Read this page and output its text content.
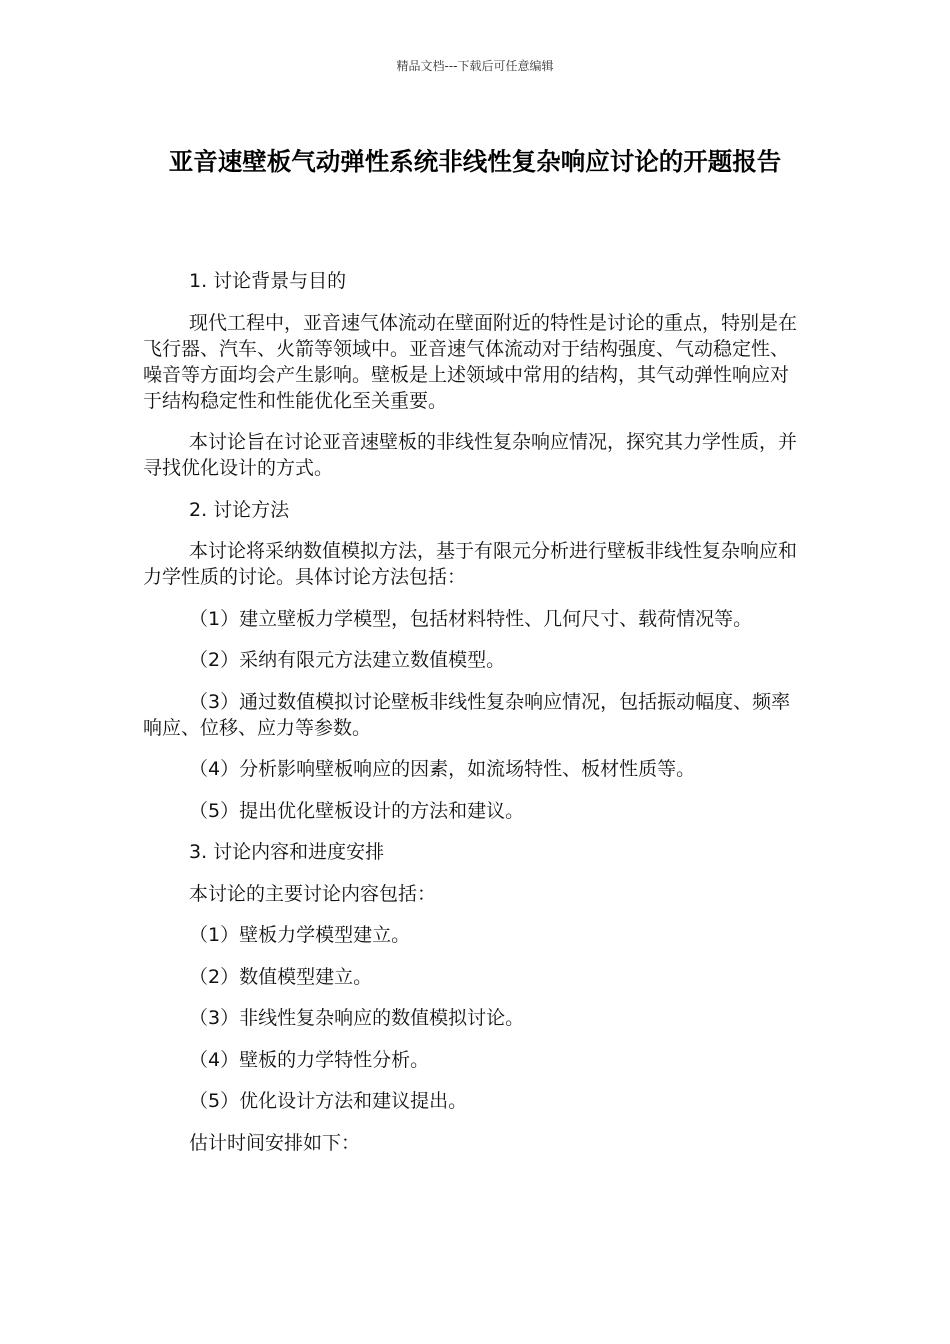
精品文档---下载后可任意编辑
亚音速壁板气动弹性系统非线性复杂响应讨论的开题报告

1. 讨论背景与目的

现代工程中，亚音速气体流动在壁面附近的特性是讨论的重点，特别是在飞行器、汽车、火箭等领域中。亚音速气体流动对于结构强度、气动稳定性、噪音等方面均会产生影响。壁板是上述领域中常用的结构，其气动弹性响应对于结构稳定性和性能优化至关重要。

本讨论旨在讨论亚音速壁板的非线性复杂响应情况，探究其力学性质，并寻找优化设计的方式。

2. 讨论方法

本讨论将采纳数值模拟方法，基于有限元分析进行壁板非线性复杂响应和力学性质的讨论。具体讨论方法包括：

（1）建立壁板力学模型，包括材料特性、几何尺寸、载荷情况等。

（2）采纳有限元方法建立数值模型。

（3）通过数值模拟讨论壁板非线性复杂响应情况，包括振动幅度、频率响应、位移、应力等参数。

（4）分析影响壁板响应的因素，如流场特性、板材性质等。

（5）提出优化壁板设计的方法和建议。

3. 讨论内容和进度安排

本讨论的主要讨论内容包括：

（1）壁板力学模型建立。

（2）数值模型建立。

（3）非线性复杂响应的数值模拟讨论。

（4）壁板的力学特性分析。

（5）优化设计方法和建议提出。

估计时间安排如下：
